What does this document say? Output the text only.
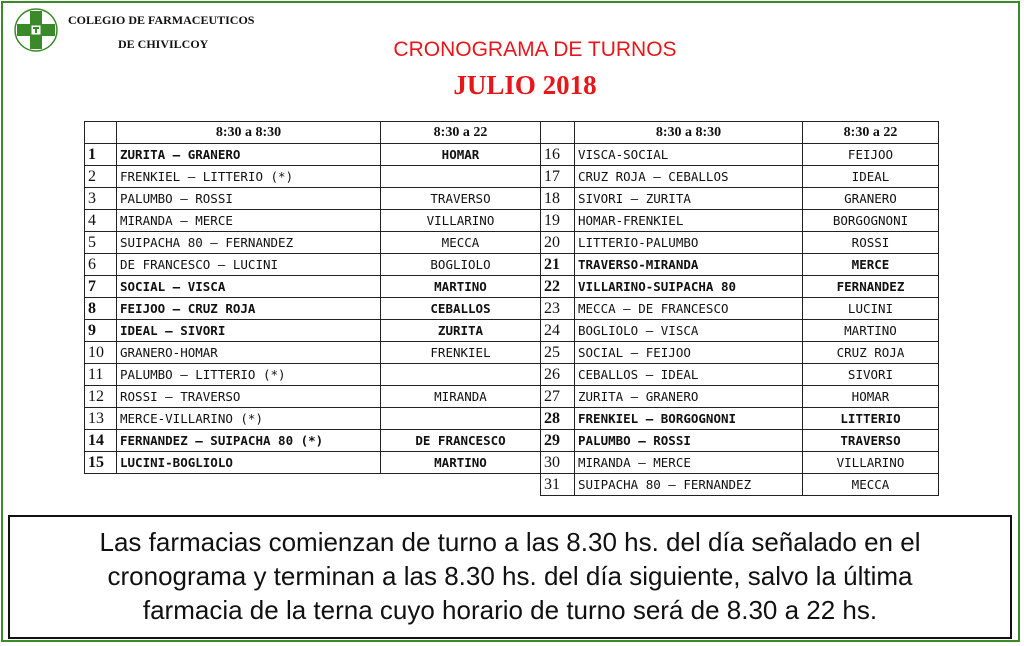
COLEGIO DE FARMACEUTICOS
DE CHIVILCOY	CRONOGRAMA DE TURNOS
JULIO 2018
	8:30 a 8:30	8:30 a 22
1	ZURITA – GRANERO	HOMAR
2	FRENKIEL – LITTERIO (*)	
3	PALUMBO – ROSSI	TRAVERSO
4	MIRANDA – MERCE	VILLARINO
5	SUIPACHA 80 – FERNANDEZ	MECCA
6	DE FRANCESCO – LUCINI	BOGLIOLO
7	SOCIAL – VISCA	MARTINO
8	FEIJOO – CRUZ ROJA	CEBALLOS
9	IDEAL – SIVORI	ZURITA
10	GRANERO-HOMAR	FRENKIEL
11	PALUMBO – LITTERIO (*)	
12	ROSSI – TRAVERSO	MIRANDA
13	MERCE-VILLARINO (*)	
14	FERNANDEZ – SUIPACHA 80 (*)	DE FRANCESCO
15	LUCINI-BOGLIOLO	MARTINO
	8:30 a 8:30	8:30 a 22
16	VISCA-SOCIAL	FEIJOO
17	CRUZ ROJA – CEBALLOS	IDEAL
18	SIVORI – ZURITA	GRANERO
19	HOMAR-FRENKIEL	BORGOGNONI
20	LITTERIO-PALUMBO	ROSSI
21	TRAVERSO-MIRANDA	MERCE
22	VILLARINO-SUIPACHA 80	FERNANDEZ
23	MECCA – DE FRANCESCO	LUCINI
24	BOGLIOLO – VISCA	MARTINO
25	SOCIAL – FEIJOO	CRUZ ROJA
26	CEBALLOS – IDEAL	SIVORI
27	ZURITA – GRANERO	HOMAR
28	FRENKIEL – BORGOGNONI	LITTERIO
29	PALUMBO – ROSSI	TRAVERSO
30	MIRANDA – MERCE	VILLARINO
31	SUIPACHA 80 – FERNANDEZ	MECCA
Las farmacias comienzan de turno a las 8.30 hs. del día señalado en el
cronograma y terminan a las 8.30 hs. del día siguiente, salvo la última
farmacia de la terna cuyo horario de turno será de 8.30 a 22 hs.
